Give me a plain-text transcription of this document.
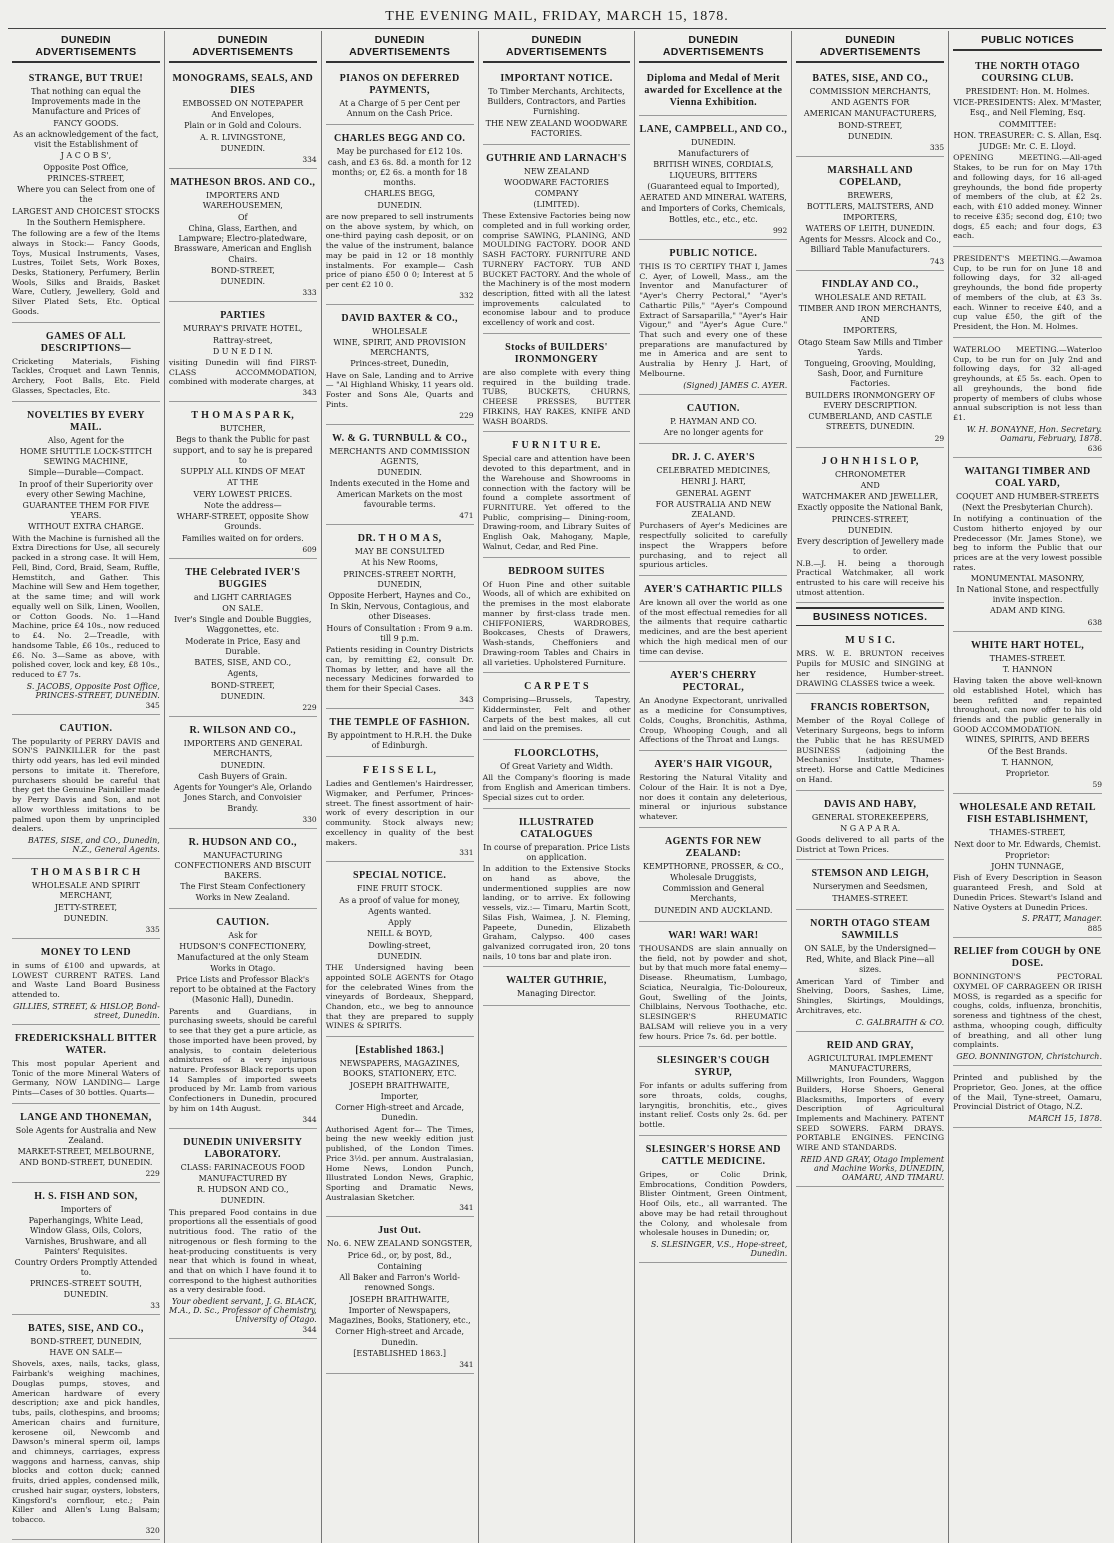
THE EVENING MAIL, FRIDAY, MARCH 15, 1878.
DUNEDIN ADVERTISEMENTS
STRANGE, BUT TRUE!
That nothing can equal the Improvements made in the Manufacture and Prices of
FANCY GOODS.
As an acknowledgement of the fact, visit the Establishment of
J A C O B S',
Opposite Post Office,
PRINCES-STREET,
Where you can Select from one of the
LARGEST AND CHOICEST STOCKS
In the Southern Hemisphere.
The following are a few of the Items always in Stock:— Fancy Goods, Toys, Musical Instruments, Vases, Lustres, Toilet Sets, Work Boxes, Desks, Stationery, Perfumery, Berlin Wools, Silks and Braids, Basket Ware, Cutlery, Jewellery, Gold and Silver Plated Sets, Etc. Optical Goods.
GAMES OF ALL DESCRIPTIONS—
Cricketing Materials, Fishing Tackles, Croquet and Lawn Tennis, Archery, Foot Balls, Etc. Field Glasses, Spectacles, Etc.
NOVELTIES BY EVERY MAIL.
Also, Agent for the
HOME SHUTTLE LOCK-STITCH SEWING MACHINE,
Simple—Durable—Compact.
In proof of their Superiority over every other Sewing Machine,
GUARANTEE THEM FOR FIVE YEARS.
WITHOUT EXTRA CHARGE.
With the Machine is furnished all the Extra Directions for Use, all securely packed in a strong case. It will Hem, Fell, Bind, Cord, Braid, Seam, Ruffle, Hemstitch, and Gather. This Machine will Sew and Hem together, at the same time; and will work equally well on Silk, Linen, Woollen, or Cotton Goods. No. 1—Hand Machine, price £4 10s., now reduced to £4. No. 2—Treadle, with handsome Table, £6 10s., reduced to £6. No. 3—Same as above, with polished cover, lock and key, £8 10s., reduced to £7 7s.
S. JACOBS, Opposite Post Office, PRINCES-STREET, DUNEDIN.
345
CAUTION.
The popularity of PERRY DAVIS and SON'S PAINKILLER for the past thirty odd years, has led evil minded persons to imitate it. Therefore, purchasers should be careful that they get the Genuine Painkiller made by Perry Davis and Son, and not allow worthless imitations to be palmed upon them by unprincipled dealers.
BATES, SISE, and CO., Dunedin, N.Z., General Agents.
T H O M A S B I R C H
WHOLESALE AND SPIRIT MERCHANT,
JETTY-STREET,
DUNEDIN.
335
MONEY TO LEND
in sums of £100 and upwards, at LOWEST CURRENT RATES. Land and Waste Land Board Business attended to.
GILLIES, STREET, & HISLOP, Bond-street, Dunedin.
FREDERICKSHALL BITTER WATER.
This most popular Aperient and Tonic of the more Mineral Waters of Germany, NOW LANDING— Large Pints—Cases of 30 bottles. Quarts—
LANGE AND THONEMAN,
Sole Agents for Australia and New Zealand.
MARKET-STREET, MELBOURNE, AND BOND-STREET, DUNEDIN.
229
H. S. FISH AND SON,
Importers of
Paperhangings, White Lead, Window Glass, Oils, Colors, Varnishes, Brushware, and all Painters' Requisites.
Country Orders Promptly Attended to.
PRINCES-STREET SOUTH, DUNEDIN.
33
BATES, SISE, AND CO.,
BOND-STREET, DUNEDIN,
HAVE ON SALE—
Shovels, axes, nails, tacks, glass, Fairbank's weighing machines, Douglas pumps, stoves, and American hardware of every description; axe and pick handles, tubs, pails, clothespins, and brooms; American chairs and furniture, kerosene oil, Newcomb and Dawson's mineral sperm oil, lamps and chimneys, carriages, express waggons and harness, canvas, ship blocks and cotton duck; canned fruits, dried apples, condensed milk, crushed hair sugar, oysters, lobsters, Kingsford's cornflour, etc.; Pain Killer and Allen's Lung Balsam; tobacco.
320
DUNEDIN ADVERTISEMENTS
MONOGRAMS, SEALS, AND DIES
EMBOSSED ON NOTEPAPER
And Envelopes,
Plain or in Gold and Colours.
A. R. LIVINGSTONE,
DUNEDIN.
334
MATHESON BROS. AND CO.,
IMPORTERS AND WAREHOUSEMEN,
Of
China, Glass, Earthen, and Lampware; Electro-platedware, Brassware, American and English Chairs.
BOND-STREET,
DUNEDIN.
333
PARTIES
MURRAY'S PRIVATE HOTEL,
Rattray-street,
D U N E D I N.
visiting Dunedin will find FIRST-CLASS ACCOMMODATION, combined with moderate charges, at
343
T H O M A S P A R K,
BUTCHER,
Begs to thank the Public for past support, and to say he is prepared to
SUPPLY ALL KINDS OF MEAT
AT THE
VERY LOWEST PRICES.
Note the address—
WHARF-STREET, opposite Show Grounds.
Families waited on for orders.
609
THE Celebrated IVER'S BUGGIES
and LIGHT CARRIAGES
ON SALE.
Iver's Single and Double Buggies, Waggonettes, etc.
Moderate in Price, Easy and Durable.
BATES, SISE, AND CO.,
Agents,
BOND-STREET,
DUNEDIN.
229
R. WILSON AND CO.,
IMPORTERS AND GENERAL MERCHANTS,
DUNEDIN.
Cash Buyers of Grain.
Agents for Younger's Ale, Orlando Jones Starch, and Convoisier Brandy.
330
R. HUDSON AND CO.,
MANUFACTURING CONFECTIONERS AND BISCUIT BAKERS.
The First Steam Confectionery Works in New Zealand.
CAUTION.
Ask for
HUDSON'S CONFECTIONERY,
Manufactured at the only Steam Works in Otago.
Price Lists and Professor Black's report to be obtained at the Factory (Masonic Hall), Dunedin.
Parents and Guardians, in purchasing sweets, should be careful to see that they get a pure article, as those imported have been proved, by analysis, to contain deleterious admixtures of a very injurious nature. Professor Black reports upon 14 Samples of imported sweets produced by Mr. Lamb from various Confectioners in Dunedin, procured by him on 14th August.
344
DUNEDIN UNIVERSITY LABORATORY.
CLASS: FARINACEOUS FOOD
MANUFACTURED BY
R. HUDSON AND CO.,
DUNEDIN.
This prepared Food contains in due proportions all the essentials of good nutritious food. The ratio of the nitrogenous or flesh forming to the heat-producing constituents is very near that which is found in wheat, and that on which I have found it to correspond to the highest authorities as a very desirable food.
Your obedient servant, J. G. BLACK, M.A., D. Sc., Professor of Chemistry, University of Otago.
344
DUNEDIN ADVERTISEMENTS
PIANOS ON DEFERRED PAYMENTS,
At a Charge of 5 per Cent per Annum on the Cash Price.
CHARLES BEGG AND CO.
May be purchased for £12 10s. cash, and £3 6s. 8d. a month for 12 months; or, £2 6s. a month for 18 months.
CHARLES BEGG,
DUNEDIN.
are now prepared to sell instruments on the above system, by which, on one-third paying cash deposit, or on the value of the instrument, balance may be paid in 12 or 18 monthly instalments. For example— Cash price of piano £50 0 0; Interest at 5 per cent £2 10 0.
332
DAVID BAXTER & CO.,
WHOLESALE
WINE, SPIRIT, AND PROVISION MERCHANTS,
Princes-street, Dunedin,
Have on Sale, Landing and to Arrive— "Al Highland Whisky, 11 years old. Foster and Sons Ale, Quarts and Pints.
229
W. & G. TURNBULL & CO.,
MERCHANTS AND COMMISSION AGENTS,
DUNEDIN.
Indents executed in the Home and American Markets on the most favourable terms.
471
DR. T H O M A S,
MAY BE CONSULTED
At his New Rooms,
PRINCES-STREET NORTH, DUNEDIN,
Opposite Herbert, Haynes and Co.,
In Skin, Nervous, Contagious, and other Diseases.
Hours of Consultation : From 9 a.m. till 9 p.m.
Patients residing in Country Districts can, by remitting £2, consult Dr. Thomas by letter, and have all the necessary Medicines forwarded to them for their Special Cases.
343
THE TEMPLE OF FASHION.
By appointment to H.R.H. the Duke of Edinburgh.
F E I S S E L L,
Ladies and Gentlemen's Hairdresser, Wigmaker, and Perfumer, Princes-street. The finest assortment of hair-work of every description in our community. Stock always new; excellency in quality of the best makers.
331
SPECIAL NOTICE.
FINE FRUIT STOCK.
As a proof of value for money,
Agents wanted.
Apply
NEILL & BOYD,
Dowling-street,
DUNEDIN.
THE Undersigned having been appointed SOLE AGENTS for Otago for the celebrated Wines from the vineyards of Bordeaux, Sheppard, Chandon, etc., we beg to announce that they are prepared to supply WINES & SPIRITS.
[Established 1863.]
NEWSPAPERS, MAGAZINES, BOOKS, STATIONERY, ETC.
JOSEPH BRAITHWAITE,
Importer,
Corner High-street and Arcade, Dunedin.
Authorised Agent for— The Times, being the new weekly edition just published, of the London Times. Price 3½d. per annum. Australasian, Home News, London Punch, Illustrated London News, Graphic, Sporting and Dramatic News, Australasian Sketcher.
341
Just Out.
No. 6. NEW ZEALAND SONGSTER,
Price 6d., or, by post, 8d.,
Containing
All Baker and Farron's World-renowned Songs.
JOSEPH BRAITHWAITE,
Importer of Newspapers, Magazines, Books, Stationery, etc.,
Corner High-street and Arcade, Dunedin.
[ESTABLISHED 1863.]
341
DUNEDIN ADVERTISEMENTS
IMPORTANT NOTICE.
To Timber Merchants, Architects, Builders, Contractors, and Parties Furnishing.
THE NEW ZEALAND WOODWARE FACTORIES.
GUTHRIE AND LARNACH'S
NEW ZEALAND
WOODWARE FACTORIES COMPANY
(LIMITED).
These Extensive Factories being now completed and in full working order, comprise SAWING, PLANING, AND MOULDING FACTORY. DOOR AND SASH FACTORY. FURNITURE AND TURNERY FACTORY. TUB AND BUCKET FACTORY. And the whole of the Machinery is of the most modern description, fitted with all the latest improvements calculated to economise labour and to produce excellency of work and cost.
Stocks of BUILDERS' IRONMONGERY
are also complete with every thing required in the building trade. TUBS, BUCKETS, CHURNS, CHEESE PRESSES, BUTTER FIRKINS, HAY RAKES, KNIFE AND WASH BOARDS.
F U R N I T U R E.
Special care and attention have been devoted to this department, and in the Warehouse and Showrooms in connection with the factory will be found a complete assortment of FURNITURE. Yet offered to the Public, comprising— Dining-room, Drawing-room, and Library Suites of English Oak, Mahogany, Maple, Walnut, Cedar, and Red Pine.
BEDROOM SUITES
Of Huon Pine and other suitable Woods, all of which are exhibited on the premises in the most elaborate manner by first-class trade men. CHIFFONIERS, WARDROBES, Bookcases, Chests of Drawers, Wash-stands, Cheffoniers and Drawing-room Tables and Chairs in all varieties. Upholstered Furniture.
C A R P E T S
Comprising—Brussels, Tapestry, Kidderminster, Felt and other Carpets of the best makes, all cut and laid on the premises.
FLOORCLOTHS,
Of Great Variety and Width.
All the Company's flooring is made from English and American timbers. Special sizes cut to order.
ILLUSTRATED CATALOGUES
In course of preparation. Price Lists on application.
In addition to the Extensive Stocks on hand as above, the undermentioned supplies are now landing, or to arrive. Ex following vessels, viz.:— Timaru, Martin Scott, Silas Fish, Waimea, J. N. Fleming, Papeete, Dunedin, Elizabeth Graham, Calypso. 400 cases galvanized corrugated iron, 20 tons nails, 10 tons bar and plate iron.
WALTER GUTHRIE,
Managing Director.
DUNEDIN ADVERTISEMENTS
Diploma and Medal of Merit awarded for Excellence at the Vienna Exhibition.
LANE, CAMPBELL, AND CO.,
DUNEDIN.
Manufacturers of
BRITISH WINES, CORDIALS, LIQUEURS, BITTERS
(Guaranteed equal to Imported),
AERATED AND MINERAL WATERS,
and Importers of Corks, Chemicals, Bottles, etc., etc., etc.
992
PUBLIC NOTICE.
THIS IS TO CERTIFY THAT I, James C. Ayer, of Lowell, Mass., am the Inventor and Manufacturer of "Ayer's Cherry Pectoral," "Ayer's Cathartic Pills," "Ayer's Compound Extract of Sarsaparilla," "Ayer's Hair Vigour," and "Ayer's Ague Cure." That such and every one of these preparations are manufactured by me in America and are sent to Australia by Henry J. Hart, of Melbourne.
(Signed) JAMES C. AYER.
CAUTION.
P. HAYMAN AND CO.
Are no longer agents for
DR. J. C. AYER'S
CELEBRATED MEDICINES,
HENRI J. HART,
GENERAL AGENT
FOR AUSTRALIA AND NEW ZEALAND.
Purchasers of Ayer's Medicines are respectfully solicited to carefully inspect the Wrappers before purchasing, and to reject all spurious articles.
AYER'S CATHARTIC PILLS
Are known all over the world as one of the most effectual remedies for all the ailments that require cathartic medicines, and are the best aperient which the high medical men of our time can devise.
AYER'S CHERRY PECTORAL,
An Anodyne Expectorant, unrivalled as a medicine for Consumptives, Colds, Coughs, Bronchitis, Asthma, Croup, Whooping Cough, and all Affections of the Throat and Lungs.
AYER'S HAIR VIGOUR,
Restoring the Natural Vitality and Colour of the Hair. It is not a Dye, nor does it contain any deleterious, mineral or injurious substance whatever.
AGENTS FOR NEW ZEALAND:
KEMPTHORNE, PROSSER, & CO.,
Wholesale Druggists,
Commission and General Merchants,
DUNEDIN AND AUCKLAND.
WAR! WAR! WAR!
THOUSANDS are slain annually on the field, not by powder and shot, but by that much more fatal enemy—Disease. Rheumatism, Lumbago, Sciatica, Neuralgia, Tic-Doloureux, Gout, Swelling of the Joints, Chilblains, Nervous Toothache, etc. SLESINGER'S RHEUMATIC BALSAM will relieve you in a very few hours. Price 7s. 6d. per bottle.
SLESINGER'S COUGH SYRUP,
For infants or adults suffering from sore throats, colds, coughs, laryngitis, bronchitis, etc., gives instant relief. Costs only 2s. 6d. per bottle.
SLESINGER'S HORSE AND CATTLE MEDICINE.
Gripes, or Colic Drink, Embrocations, Condition Powders, Blister Ointment, Green Ointment, Hoof Oils, etc., all warranted. The above may be had retail throughout the Colony, and wholesale from wholesale houses in Dunedin; or,
S. SLESINGER, V.S., Hope-street, Dunedin.
DUNEDIN ADVERTISEMENTS
BATES, SISE, AND CO.,
COMMISSION MERCHANTS,
AND AGENTS FOR
AMERICAN MANUFACTURERS,
BOND-STREET,
DUNEDIN.
335
MARSHALL AND COPELAND,
BREWERS,
BOTTLERS, MALTSTERS, AND IMPORTERS,
WATERS OF LEITH, DUNEDIN.
Agents for Messrs. Alcock and Co., Billiard Table Manufacturers.
743
FINDLAY AND CO.,
WHOLESALE AND RETAIL
TIMBER AND IRON MERCHANTS,
AND
IMPORTERS,
Otago Steam Saw Mills and Timber Yards.
Tongueing, Grooving, Moulding, Sash, Door, and Furniture Factories.
BUILDERS IRONMONGERY OF EVERY DESCRIPTION.
CUMBERLAND, AND CASTLE STREETS, DUNEDIN.
29
J O H N H I S L O P,
CHRONOMETER
AND
WATCHMAKER AND JEWELLER,
Exactly opposite the National Bank,
PRINCES-STREET,
DUNEDIN.
Every description of Jewellery made to order.
N.B.—J. H. being a thorough Practical Watchmaker, all work entrusted to his care will receive his utmost attention.
BUSINESS NOTICES.
M U S I C.
MRS. W. E. BRUNTON receives Pupils for MUSIC and SINGING at her residence, Humber-street. DRAWING CLASSES twice a week.
FRANCIS ROBERTSON,
Member of the Royal College of Veterinary Surgeons, begs to inform the Public that he has RESUMED BUSINESS (adjoining the Mechanics' Institute, Thames-street). Horse and Cattle Medicines on Hand.
DAVIS AND HABY,
GENERAL STOREKEEPERS,
N G A P A R A.
Goods delivered to all parts of the District at Town Prices.
STEMSON AND LEIGH,
Nurserymen and Seedsmen,
THAMES-STREET.
NORTH OTAGO STEAM SAWMILLS
ON SALE, by the Undersigned—
Red, White, and Black Pine—all sizes.
American Yard of Timber and Shelving, Doors, Sashes, Lime, Shingles, Skirtings, Mouldings, Architraves, etc.
C. GALBRAITH & CO.
REID AND GRAY,
AGRICULTURAL IMPLEMENT MANUFACTURERS,
Millwrights, Iron Founders, Waggon Builders, Horse Shoers, General Blacksmiths, Importers of every Description of Agricultural Implements and Machinery. PATENT SEED SOWERS. FARM DRAYS. PORTABLE ENGINES. FENCING WIRE AND STANDARDS.
REID AND GRAY, Otago Implement and Machine Works, DUNEDIN, OAMARU, AND TIMARU.
PUBLIC NOTICES
THE NORTH OTAGO COURSING CLUB.
PRESIDENT: Hon. M. Holmes.
VICE-PRESIDENTS: Alex. M'Master, Esq., and Neil Fleming, Esq.
COMMITTEE:
HON. TREASURER: C. S. Allan, Esq.
JUDGE: Mr. C. E. Lloyd.
OPENING MEETING.—All-aged Stakes, to be run for on May 17th and following days, for 16 all-aged greyhounds, the bond fide property of members of the club, at £2 2s. each, with £10 added money. Winner to receive £35; second dog, £10; two dogs, £5 each; and four dogs, £3 each.
PRESIDENT'S MEETING.—Awamoa Cup, to be run for on June 18 and following days, for 32 all-aged greyhounds, the bond fide property of members of the club, at £3 3s. each. Winner to receive £40, and a cup value £50, the gift of the President, the Hon. M. Holmes.
WATERLOO MEETING.—Waterloo Cup, to be run for on July 2nd and following days, for 32 all-aged greyhounds, at £5 5s. each. Open to all greyhounds, the bond fide property of members of clubs whose annual subscription is not less than £1.
W. H. BONAYNE, Hon. Secretary. Oamaru, February, 1878.
636
WAITANGI TIMBER AND COAL YARD,
COQUET AND HUMBER-STREETS
(Next the Presbyterian Church).
In notifying a continuation of the Custom hitherto enjoyed by our Predecessor (Mr. James Stone), we beg to inform the Public that our prices are at the very lowest possible rates.
MONUMENTAL MASONRY,
In National Stone, and respectfully invite inspection.
ADAM AND KING.
638
WHITE HART HOTEL,
THAMES-STREET.
T. HANNON
Having taken the above well-known old established Hotel, which has been refitted and repainted throughout, can now offer to his old friends and the public generally in GOOD ACCOMMODATION.
WINES, SPIRITS, AND BEERS
Of the Best Brands.
T. HANNON,
Proprietor.
59
WHOLESALE AND RETAIL FISH ESTABLISHMENT,
THAMES-STREET,
Next door to Mr. Edwards, Chemist.
Proprietor:
JOHN TUNNAGE,
Fish of Every Description in Season guaranteed Fresh, and Sold at Dunedin Prices. Stewart's Island and Native Oysters at Dunedin Prices.
S. PRATT, Manager.
885
RELIEF from COUGH by ONE DOSE.
BONNINGTON'S PECTORAL OXYMEL OF CARRAGEEN OR IRISH MOSS, is regarded as a specific for coughs, colds, influenza, bronchitis, soreness and tightness of the chest, asthma, whooping cough, difficulty of breathing, and all other lung complaints.
GEO. BONNINGTON, Christchurch.
Printed and published by the Proprietor, Geo. Jones, at the office of the Mail, Tyne-street, Oamaru, Provincial District of Otago, N.Z.
MARCH 15, 1878.
